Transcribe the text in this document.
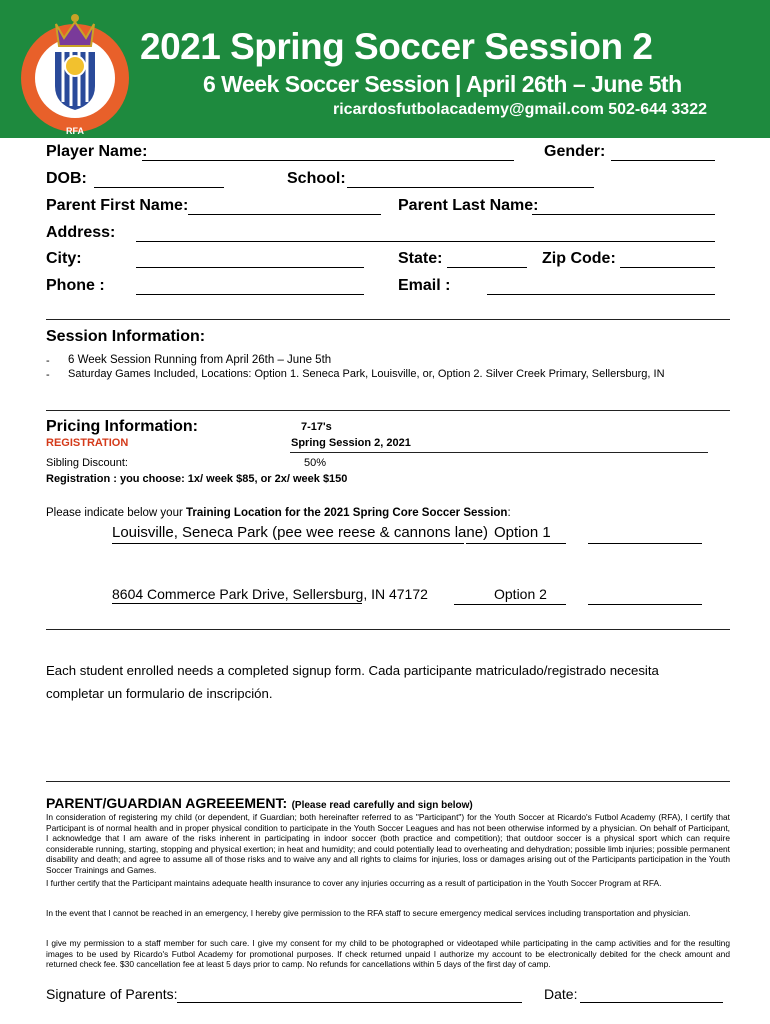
RFA
2021 Spring Soccer Session 2
6 Week Soccer Session | April 26th – June 5th
ricardosfutbolacademy@gmail.com 502-644 3322
Player Name:	Gender:
DOB:	School:
Parent First Name:	Parent Last Name:
Address:
City:	State:	Zip Code:
Phone :	Email :
Session Information:
- 6 Week Session Running from April 26th – June 5th
- Saturday Games Included, Locations: Option 1. Seneca Park, Louisville, or, Option 2. Silver Creek Primary, Sellersburg, IN
Pricing Information:
REGISTRATION
7-17's
Spring Session 2, 2021
Sibling Discount:	50%
Registration : you choose: 1x/ week $85, or 2x/ week $150
Please indicate below your Training Location for the 2021 Spring Core Soccer Session:
Louisville, Seneca Park (pee wee reese & cannons lane) Option 1
8604 Commerce Park Drive, Sellersburg, IN 47172	Option 2
Each student enrolled needs a completed signup form. Cada participante matriculado/registrado necesita
completar un formulario de inscripción.
PARENT/GUARDIAN AGREEEMENT: (Please read carefully and sign below)
In consideration of registering my child (or dependent, if Guardian; both hereinafter referred to as "Participant") for the Youth Soccer at Ricardo's Futbol Academy (RFA), I certify that Participant is of normal health and in proper physical condition to participate in the Youth Soccer Leagues and has not been otherwise informed by a physician. On behalf of Participant, I acknowledge that I am aware of the risks inherent in participating in indoor soccer (both practice and competition); that outdoor soccer is a physical sport which can require considerable running, starting, stopping and physical exertion; in heat and humidity; and could potentially lead to overheating and dehydration; possible limb injuries; possible permanent disability and death; and agree to assume all of those risks and to waive any and all rights to claims for injuries, loss or damages arising out of the Participants participation in the Youth Soccer Trainings and Games.
I further certify that the Participant maintains adequate health insurance to cover any injuries occurring as a result of participation in the Youth Soccer Program at RFA.
In the event that I cannot be reached in an emergency, I hereby give permission to the RFA staff to secure emergency medical services including transportation and physician.
I give my permission to a staff member for such care. I give my consent for my child to be photographed or videotaped while participating in the camp activities and for the resulting images to be used by Ricardo's Futbol Academy for promotional purposes. If check returned unpaid I authorize my account to be electronically debited for the check amount and returned check fee. $30 cancellation fee at least 5 days prior to camp. No refunds for cancellations within 5 days of the first day of camp.
Signature of Parents:	Date:
